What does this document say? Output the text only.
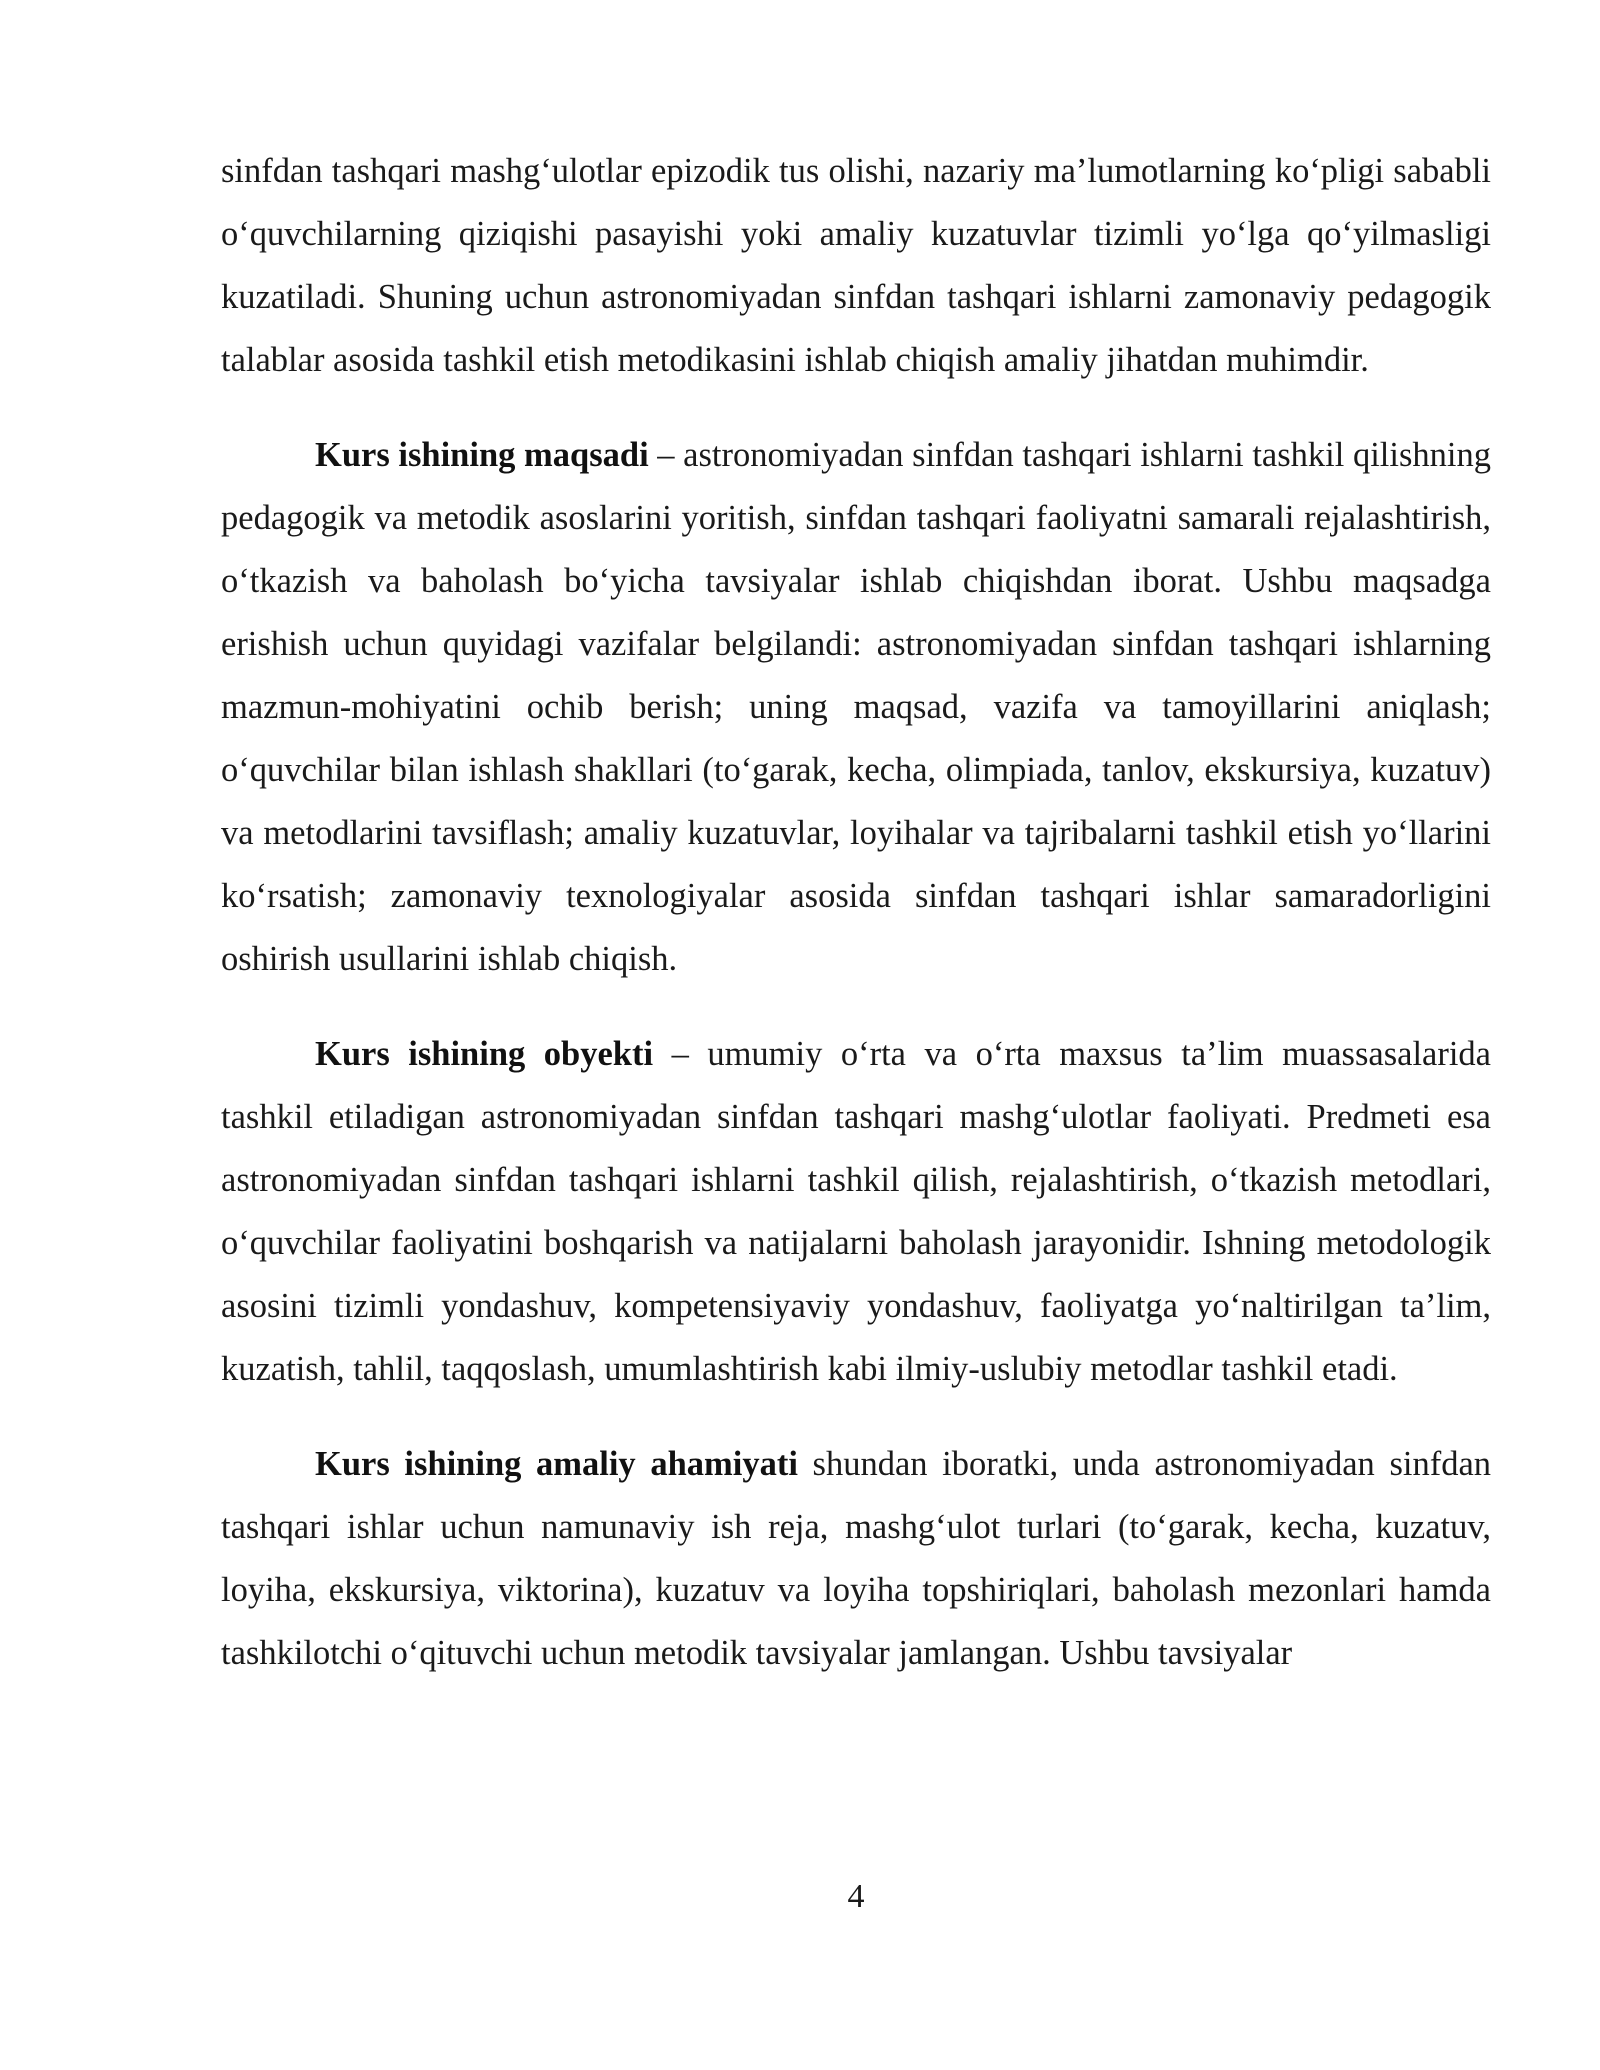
sinfdan tashqari mashg‘ulotlar epizodik tus olishi, nazariy ma’lumotlarning ko‘pligi sababli o‘quvchilarning qiziqishi pasayishi yoki amaliy kuzatuvlar tizimli yo‘lga qo‘yilmasligi kuzatiladi. Shuning uchun astronomiyadan sinfdan tashqari ishlarni zamonaviy pedagogik talablar asosida tashkil etish metodikasini ishlab chiqish amaliy jihatdan muhimdir.

Kurs ishining maqsadi – astronomiyadan sinfdan tashqari ishlarni tashkil qilishning pedagogik va metodik asoslarini yoritish, sinfdan tashqari faoliyatni samarali rejalashtirish, o‘tkazish va baholash bo‘yicha tavsiyalar ishlab chiqishdan iborat. Ushbu maqsadga erishish uchun quyidagi vazifalar belgilandi: astronomiyadan sinfdan tashqari ishlarning mazmun-mohiyatini ochib berish; uning maqsad, vazifa va tamoyillarini aniqlash; o‘quvchilar bilan ishlash shakllari (to‘garak, kecha, olimpiada, tanlov, ekskursiya, kuzatuv) va metodlarini tavsiflash; amaliy kuzatuvlar, loyihalar va tajribalarni tashkil etish yo‘llarini ko‘rsatish; zamonaviy texnologiyalar asosida sinfdan tashqari ishlar samaradorligini oshirish usullarini ishlab chiqish.

Kurs ishining obyekti – umumiy o‘rta va o‘rta maxsus ta’lim muassasalarida tashkil etiladigan astronomiyadan sinfdan tashqari mashg‘ulotlar faoliyati. Predmeti esa astronomiyadan sinfdan tashqari ishlarni tashkil qilish, rejalashtirish, o‘tkazish metodlari, o‘quvchilar faoliyatini boshqarish va natijalarni baholash jarayonidir. Ishning metodologik asosini tizimli yondashuv, kompetensiyaviy yondashuv, faoliyatga yo‘naltirilgan ta’lim, kuzatish, tahlil, taqqoslash, umumlashtirish kabi ilmiy-uslubiy metodlar tashkil etadi.

Kurs ishining amaliy ahamiyati shundan iboratki, unda astronomiyadan sinfdan tashqari ishlar uchun namunaviy ish reja, mashg‘ulot turlari (to‘garak, kecha, kuzatuv, loyiha, ekskursiya, viktorina), kuzatuv va loyiha topshiriqlari, baholash mezonlari hamda tashkilotchi o‘qituvchi uchun metodik tavsiyalar jamlangan. Ushbu tavsiyalar

4
